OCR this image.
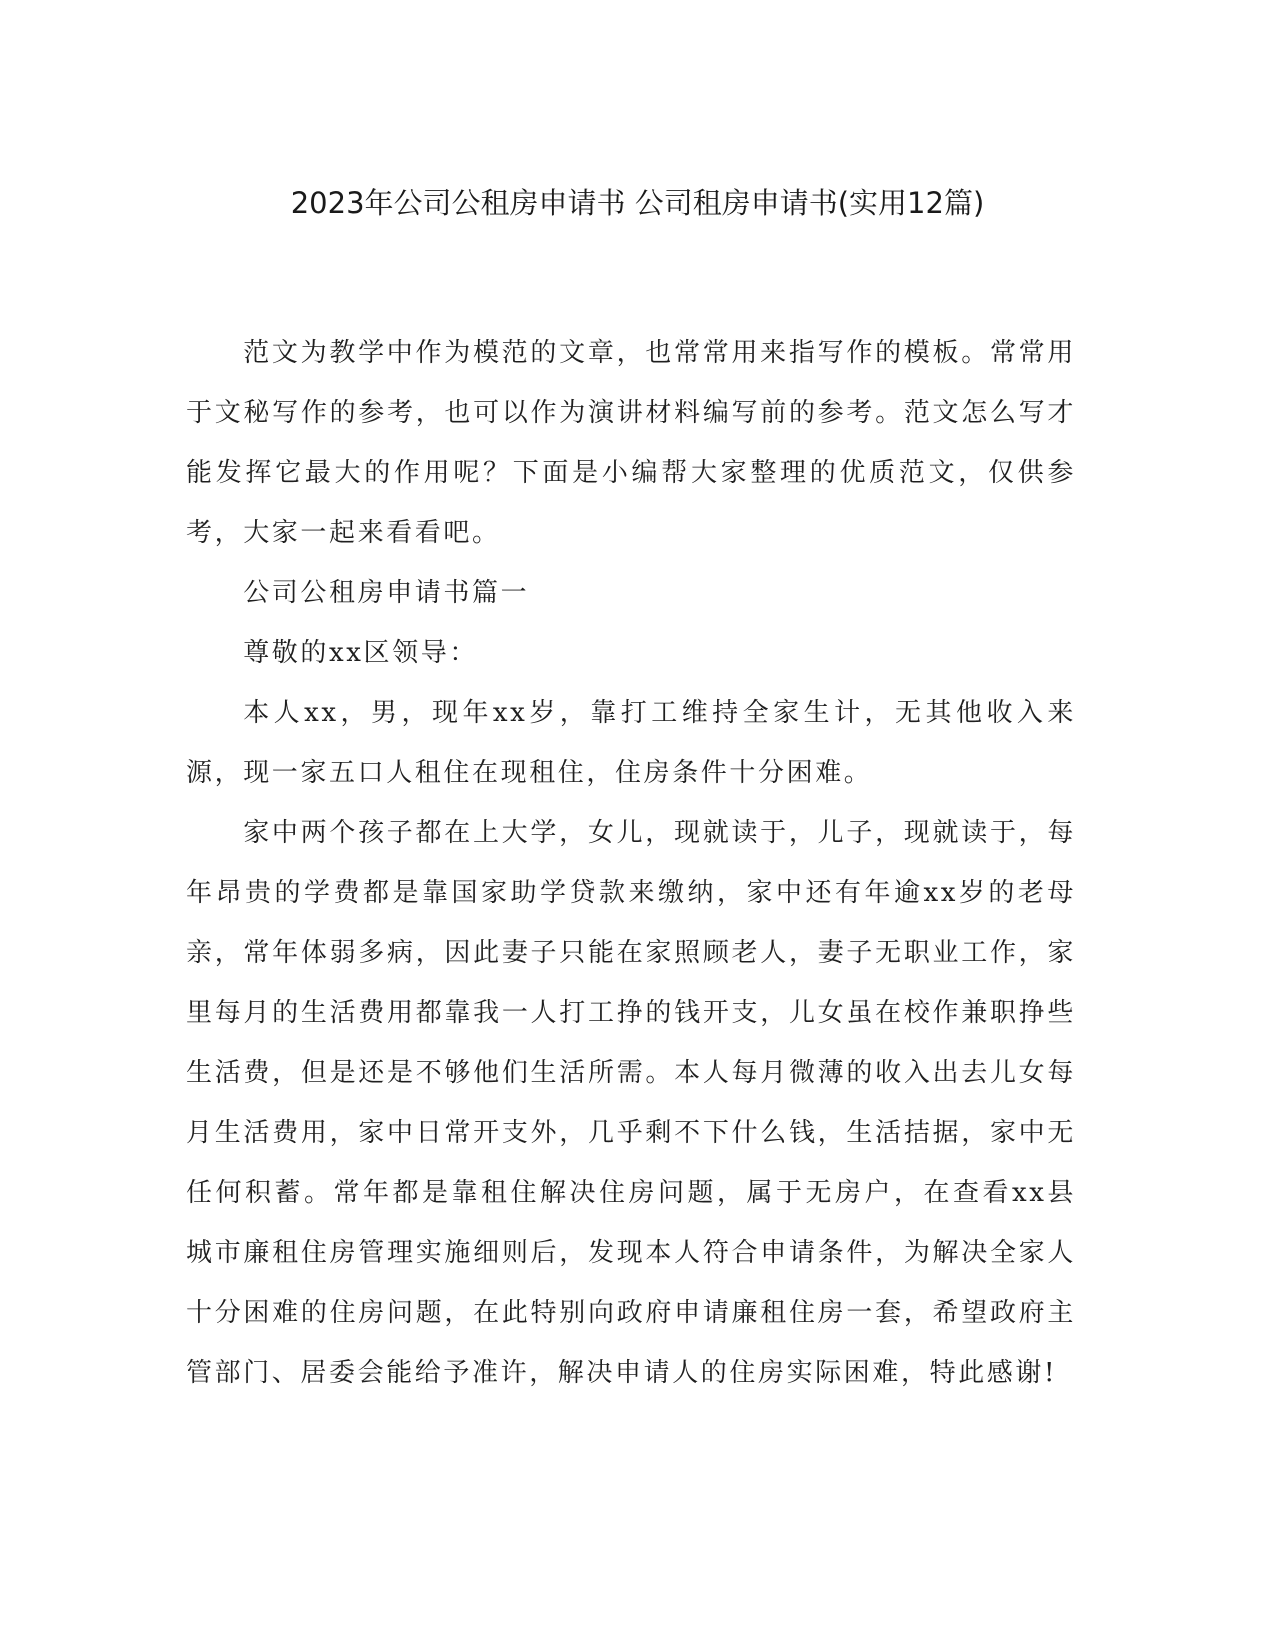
2023年公司公租房申请书 公司租房申请书(实用12篇)

范文为教学中作为模范的文章，也常常用来指写作的模板。常常用于文秘写作的参考，也可以作为演讲材料编写前的参考。范文怎么写才能发挥它最大的作用呢？下面是小编帮大家整理的优质范文，仅供参考，大家一起来看看吧。

公司公租房申请书篇一

尊敬的xx区领导：

本人xx，男，现年xx岁，靠打工维持全家生计，无其他收入来源，现一家五口人租住在现租住，住房条件十分困难。

家中两个孩子都在上大学，女儿，现就读于，儿子，现就读于，每年昂贵的学费都是靠国家助学贷款来缴纳，家中还有年逾xx岁的老母亲，常年体弱多病，因此妻子只能在家照顾老人，妻子无职业工作，家里每月的生活费用都靠我一人打工挣的钱开支，儿女虽在校作兼职挣些生活费，但是还是不够他们生活所需。本人每月微薄的收入出去儿女每月生活费用，家中日常开支外，几乎剩不下什么钱，生活拮据，家中无任何积蓄。常年都是靠租住解决住房问题，属于无房户，在查看xx县城市廉租住房管理实施细则后，发现本人符合申请条件，为解决全家人十分困难的住房问题，在此特别向政府申请廉租住房一套，希望政府主管部门、居委会能给予准许，解决申请人的住房实际困难，特此感谢!
